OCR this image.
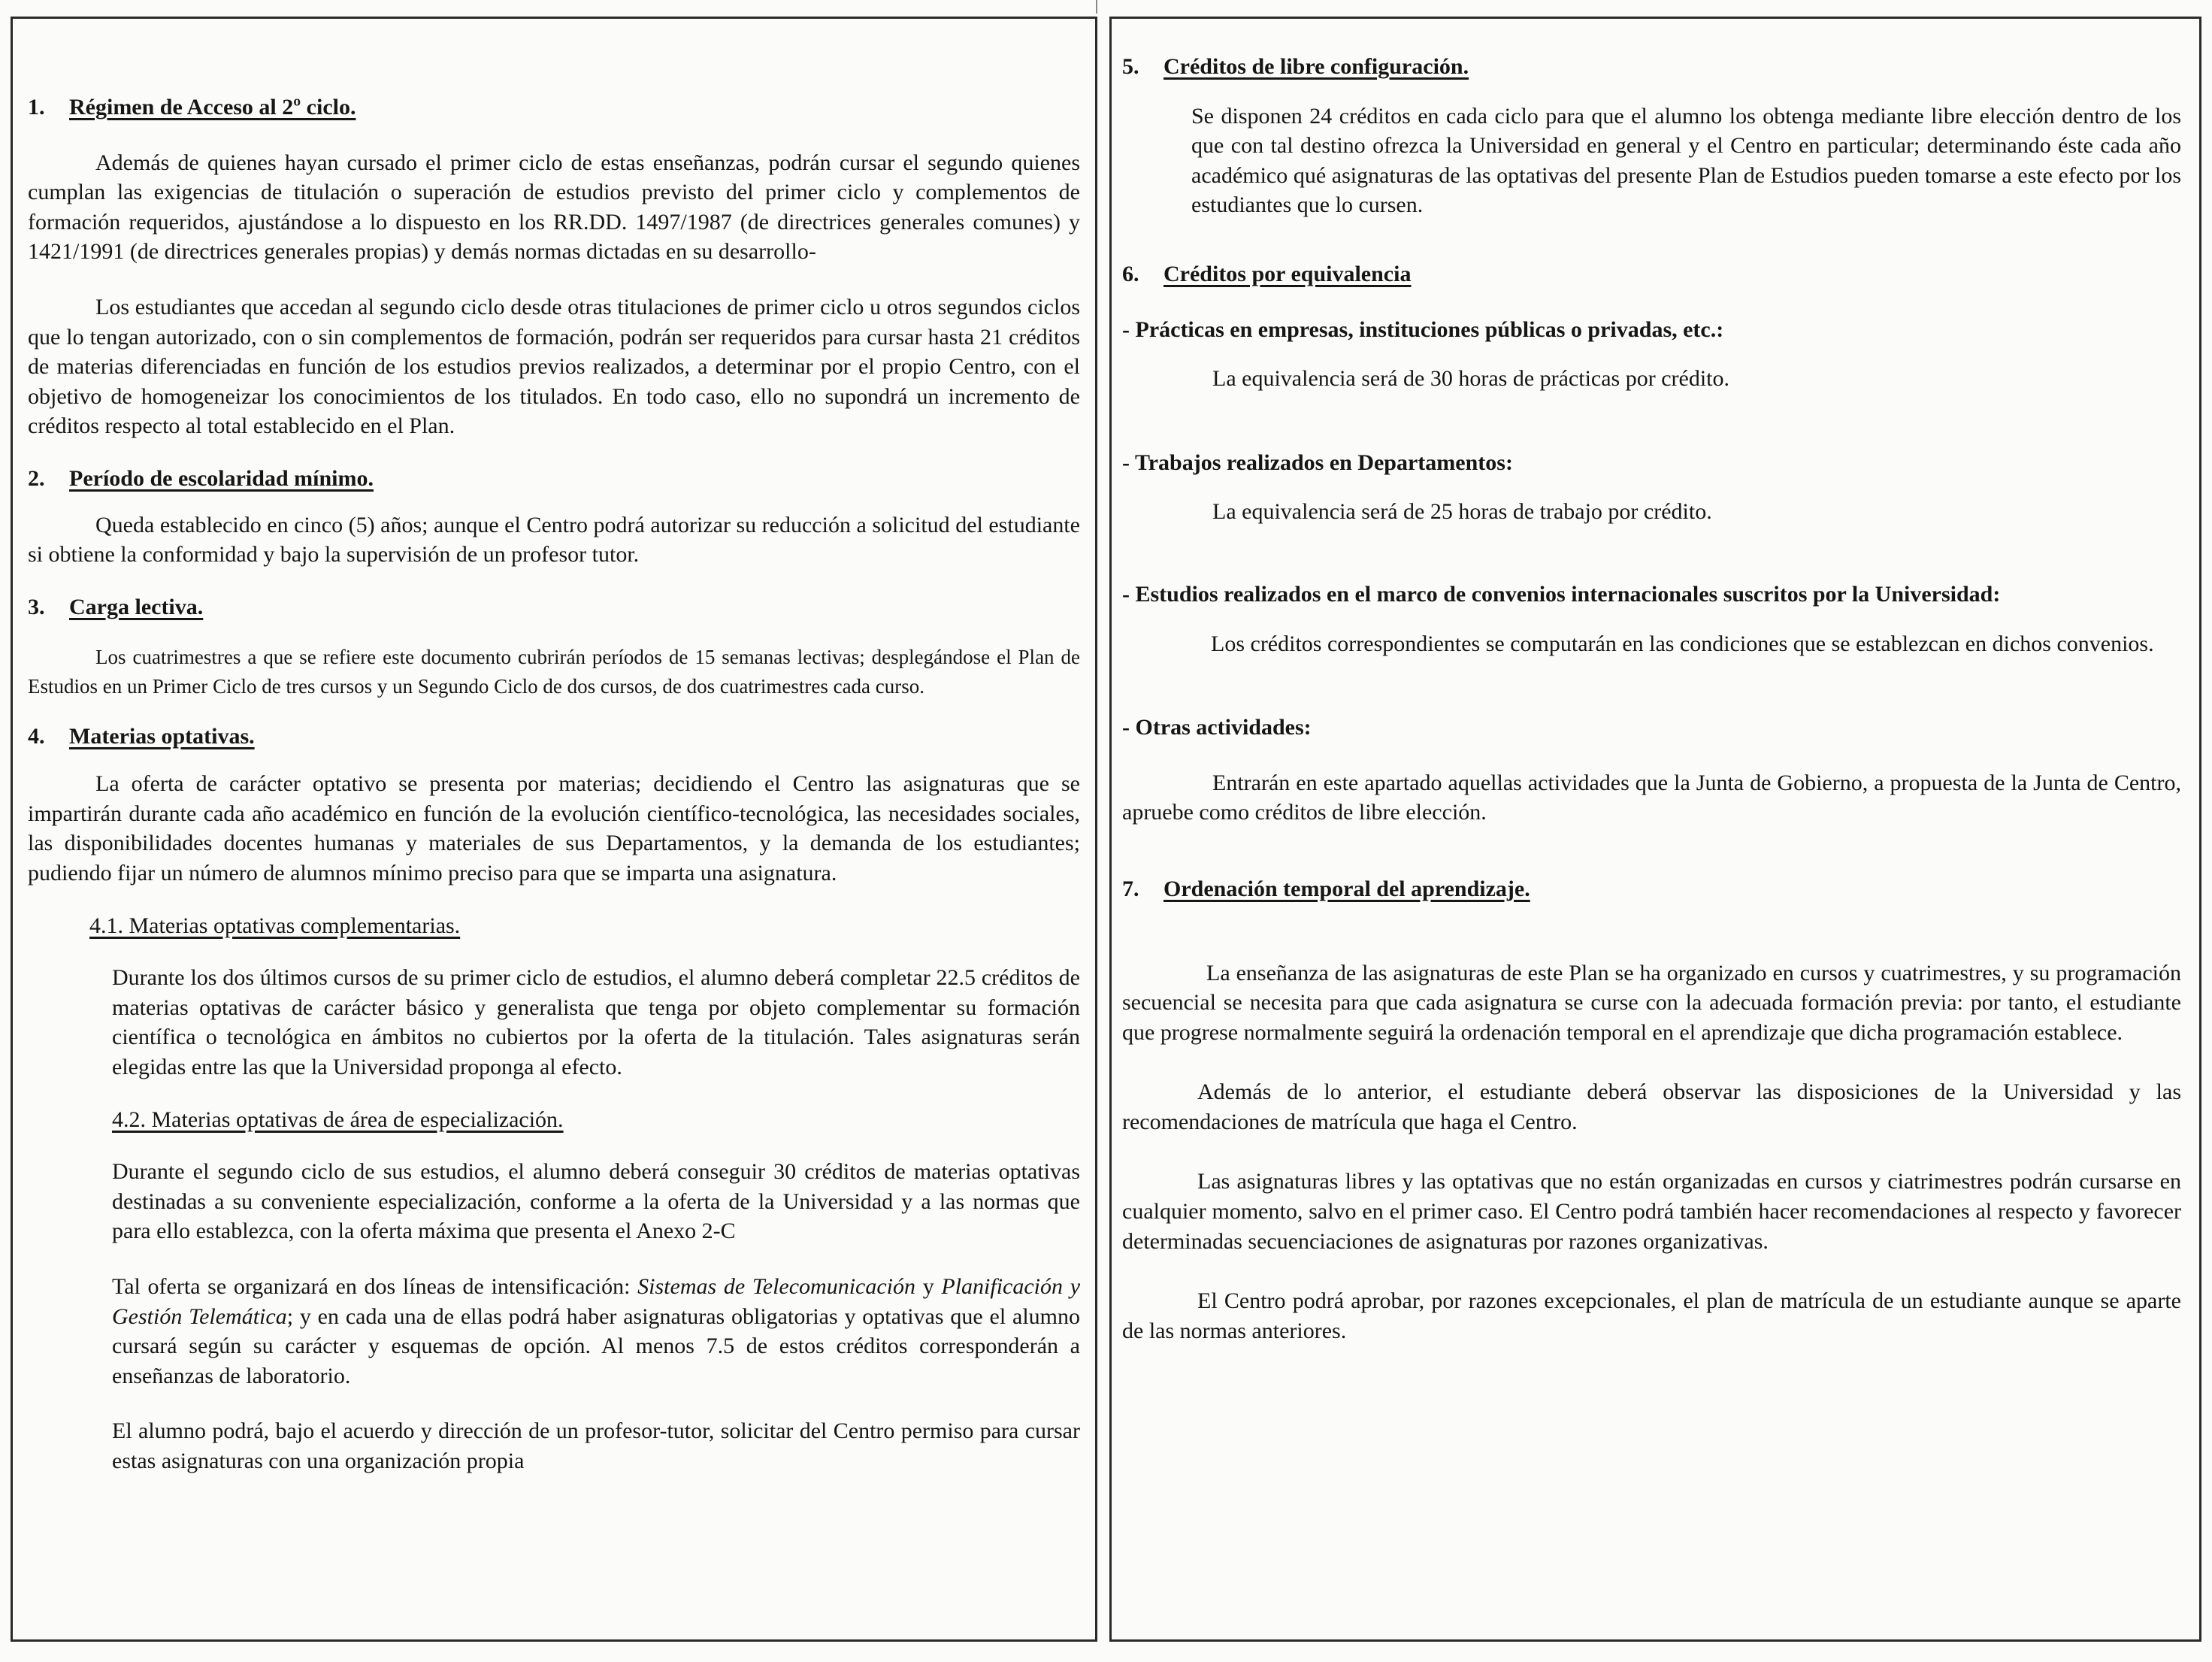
1. Régimen de Acceso al 2º ciclo.

Además de quienes hayan cursado el primer ciclo de estas enseñanzas, podrán cursar el segundo quienes cumplan las exigencias de titulación o superación de estudios previsto del primer ciclo y complementos de formación requeridos, ajustándose a lo dispuesto en los RR.DD. 1497/1987 (de directrices generales comunes) y 1421/1991 (de directrices generales propias) y demás normas dictadas en su desarrollo-

Los estudiantes que accedan al segundo ciclo desde otras titulaciones de primer ciclo u otros segundos ciclos que lo tengan autorizado, con o sin complementos de formación, podrán ser requeridos para cursar hasta 21 créditos de materias diferenciadas en función de los estudios previos realizados, a determinar por el propio Centro, con el objetivo de homogeneizar los conocimientos de los titulados. En todo caso, ello no supondrá un incremento de créditos respecto al total establecido en el Plan.

2. Período de escolaridad mínimo.

Queda establecido en cinco (5) años; aunque el Centro podrá autorizar su reducción a solicitud del estudiante si obtiene la conformidad y bajo la supervisión de un profesor tutor.

3. Carga lectiva.

Los cuatrimestres a que se refiere este documento cubrirán períodos de 15 semanas lectivas; desplegándose el Plan de Estudios en un Primer Ciclo de tres cursos y un Segundo Ciclo de dos cursos, de dos cuatrimestres cada curso.

4. Materias optativas.

La oferta de carácter optativo se presenta por materias; decidiendo el Centro las asignaturas que se impartirán durante cada año académico en función de la evolución científico-tecnológica, las necesidades sociales, las disponibilidades docentes humanas y materiales de sus Departamentos, y la demanda de los estudiantes; pudiendo fijar un número de alumnos mínimo preciso para que se imparta una asignatura.

4.1. Materias optativas complementarias.

Durante los dos últimos cursos de su primer ciclo de estudios, el alumno deberá completar 22.5 créditos de materias optativas de carácter básico y generalista que tenga por objeto complementar su formación científica o tecnológica en ámbitos no cubiertos por la oferta de la titulación. Tales asignaturas serán elegidas entre las que la Universidad proponga al efecto.

4.2. Materias optativas de área de especialización.

Durante el segundo ciclo de sus estudios, el alumno deberá conseguir 30 créditos de materias optativas destinadas a su conveniente especialización, conforme a la oferta de la Universidad y a las normas que para ello establezca, con la oferta máxima que presenta el Anexo 2-C

Tal oferta se organizará en dos líneas de intensificación: Sistemas de Telecomunicación y Planificación y Gestión Telemática; y en cada una de ellas podrá haber asignaturas obligatorias y optativas que el alumno cursará según su carácter y esquemas de opción. Al menos 7.5 de estos créditos corresponderán a enseñanzas de laboratorio.

El alumno podrá, bajo el acuerdo y dirección de un profesor-tutor, solicitar del Centro permiso para cursar estas asignaturas con una organización propia

5. Créditos de libre configuración.

Se disponen 24 créditos en cada ciclo para que el alumno los obtenga mediante libre elección dentro de los que con tal destino ofrezca la Universidad en general y el Centro en particular; determinando éste cada año académico qué asignaturas de las optativas del presente Plan de Estudios pueden tomarse a este efecto por los estudiantes que lo cursen.

6. Créditos por equivalencia
- Prácticas en empresas, instituciones públicas o privadas, etc.:

La equivalencia será de 30 horas de prácticas por crédito.

- Trabajos realizados en Departamentos:

La equivalencia será de 25 horas de trabajo por crédito.

- Estudios realizados en el marco de convenios internacionales suscritos por la Universidad:

Los créditos correspondientes se computarán en las condiciones que se establezcan en dichos convenios.

- Otras actividades:

Entrarán en este apartado aquellas actividades que la Junta de Gobierno, a propuesta de la Junta de Centro, apruebe como créditos de libre elección.

7. Ordenación temporal del aprendizaje.

La enseñanza de las asignaturas de este Plan se ha organizado en cursos y cuatrimestres, y su programación secuencial se necesita para que cada asignatura se curse con la adecuada formación previa: por tanto, el estudiante que progrese normalmente seguirá la ordenación temporal en el aprendizaje que dicha programación establece.

Además de lo anterior, el estudiante deberá observar las disposiciones de la Universidad y las recomendaciones de matrícula que haga el Centro.

Las asignaturas libres y las optativas que no están organizadas en cursos y ciatrimestres podrán cursarse en cualquier momento, salvo en el primer caso. El Centro podrá también hacer recomendaciones al respecto y favorecer determinadas secuenciaciones de asignaturas por razones organizativas.

El Centro podrá aprobar, por razones excepcionales, el plan de matrícula de un estudiante aunque se aparte de las normas anteriores.
